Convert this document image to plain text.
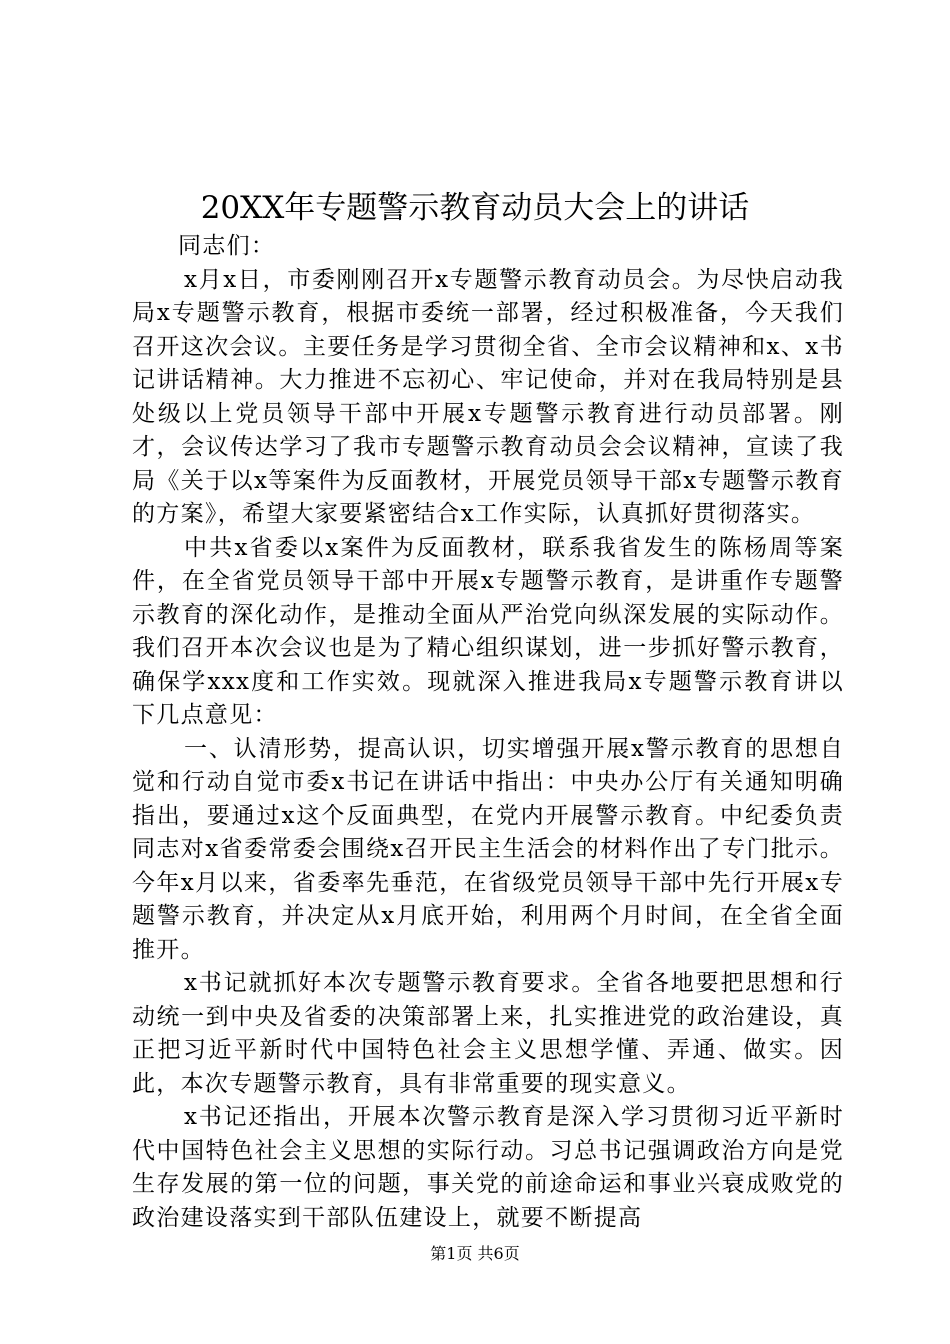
20XX年专题警示教育动员大会上的讲话

同志们：

x月x日，市委刚刚召开x专题警示教育动员会。为尽快启动我局x专题警示教育，根据市委统一部署，经过积极准备，今天我们召开这次会议。主要任务是学习贯彻全省、全市会议精神和x、x书记讲话精神。大力推进不忘初心、牢记使命，并对在我局特别是县处级以上党员领导干部中开展x专题警示教育进行动员部署。刚才，会议传达学习了我市专题警示教育动员会会议精神，宣读了我局《关于以x等案件为反面教材，开展党员领导干部x专题警示教育的方案》，希望大家要紧密结合x工作实际，认真抓好贯彻落实。

中共x省委以x案件为反面教材，联系我省发生的陈杨周等案件，在全省党员领导干部中开展x专题警示教育，是讲重作专题警示教育的深化动作，是推动全面从严治党向纵深发展的实际动作。我们召开本次会议也是为了精心组织谋划，进一步抓好警示教育，确保学xxx度和工作实效。现就深入推进我局x专题警示教育讲以下几点意见：

一、认清形势，提高认识，切实增强开展x警示教育的思想自觉和行动自觉市委x书记在讲话中指出：中央办公厅有关通知明确指出，要通过x这个反面典型，在党内开展警示教育。中纪委负责同志对x省委常委会围绕x召开民主生活会的材料作出了专门批示。今年x月以来，省委率先垂范，在省级党员领导干部中先行开展x专题警示教育，并决定从x月底开始，利用两个月时间，在全省全面推开。

x书记就抓好本次专题警示教育要求。全省各地要把思想和行动统一到中央及省委的决策部署上来，扎实推进党的政治建设，真正把习近平新时代中国特色社会主义思想学懂、弄通、做实。因此，本次专题警示教育，具有非常重要的现实意义。

x书记还指出，开展本次警示教育是深入学习贯彻习近平新时代中国特色社会主义思想的实际行动。习总书记强调政治方向是党生存发展的第一位的问题，事关党的前途命运和事业兴衰成败党的政治建设落实到干部队伍建设上，就要不断提高

第1页 共6页
